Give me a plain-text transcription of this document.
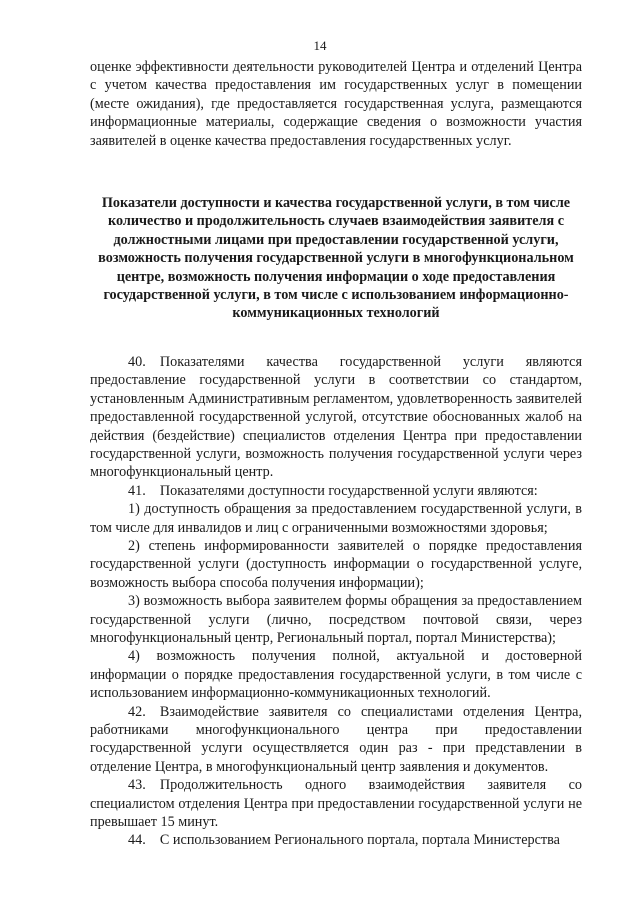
14

оценке эффективности деятельности руководителей Центра и отделений Центра с учетом качества предоставления им государственных услуг в помещении (месте ожидания), где предоставляется государственная услуга, размещаются информационные материалы, содержащие сведения о возможности участия заявителей в оценке качества предоставления государственных услуг.

Показатели доступности и качества государственной услуги, в том числе количество и продолжительность случаев взаимодействия заявителя с должностными лицами при предоставлении государственной услуги, возможность получения государственной услуги в многофункциональном центре, возможность получения информации о ходе предоставления государственной услуги, в том числе с использованием информационно-коммуникационных технологий

40. Показателями качества государственной услуги являются предоставление государственной услуги в соответствии со стандартом, установленным Административным регламентом, удовлетворенность заявителей предоставленной государственной услугой, отсутствие обоснованных жалоб на действия (бездействие) специалистов отделения Центра при предоставлении государственной услуги, возможность получения государственной услуги через многофункциональный центр.

41. Показателями доступности государственной услуги являются:

1) доступность обращения за предоставлением государственной услуги, в том числе для инвалидов и лиц с ограниченными возможностями здоровья;

2) степень информированности заявителей о порядке предоставления государственной услуги (доступность информации о государственной услуге, возможность выбора способа получения информации);

3) возможность выбора заявителем формы обращения за предоставлением государственной услуги (лично, посредством почтовой связи, через многофункциональный центр, Региональный портал, портал Министерства);

4) возможность получения полной, актуальной и достоверной информации о порядке предоставления государственной услуги, в том числе с использованием информационно-коммуникационных технологий.

42. Взаимодействие заявителя со специалистами отделения Центра, работниками многофункционального центра при предоставлении государственной услуги осуществляется один раз - при представлении в отделение Центра, в многофункциональный центр заявления и документов.

43. Продолжительность одного взаимодействия заявителя со специалистом отделения Центра при предоставлении государственной услуги не превышает 15 минут.

44. С использованием Регионального портала, портала Министерства
